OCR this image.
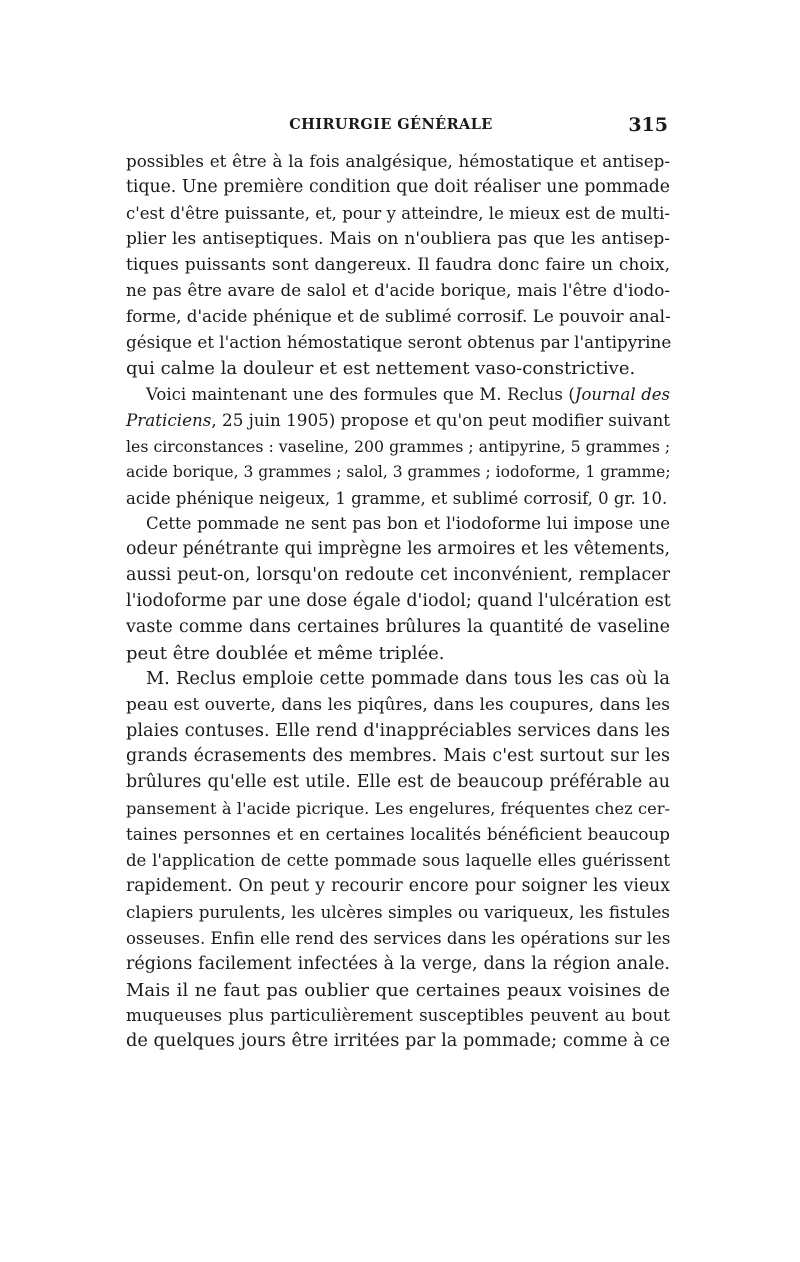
CHIRURGIE GÉNÉRALE	315
possibles et être à la fois analgésique, hémostatique et antisep-
tique. Une première condition que doit réaliser une pommade
c'est d'être puissante, et, pour y atteindre, le mieux est de multi-
plier les antiseptiques. Mais on n'oubliera pas que les antisep-
tiques puissants sont dangereux. Il faudra donc faire un choix,
ne pas être avare de salol et d'acide borique, mais l'être d'iodo-
forme, d'acide phénique et de sublimé corrosif. Le pouvoir anal-
gésique et l'action hémostatique seront obtenus par l'antipyrine
qui calme la douleur et est nettement vaso-constrictive.
Voici maintenant une des formules que M. Reclus (Journal des
Praticiens, 25 juin 1905) propose et qu'on peut modifier suivant
les circonstances : vaseline, 200 grammes ; antipyrine, 5 grammes ;
acide borique, 3 grammes ; salol, 3 grammes ; iodoforme, 1 gramme;
acide phénique neigeux, 1 gramme, et sublimé corrosif, 0 gr. 10.
Cette pommade ne sent pas bon et l'iodoforme lui impose une
odeur pénétrante qui imprègne les armoires et les vêtements,
aussi peut-on, lorsqu'on redoute cet inconvénient, remplacer
l'iodoforme par une dose égale d'iodol; quand l'ulcération est
vaste comme dans certaines brûlures la quantité de vaseline
peut être doublée et même triplée.
M. Reclus emploie cette pommade dans tous les cas où la
peau est ouverte, dans les piqûres, dans les coupures, dans les
plaies contuses. Elle rend d'inappréciables services dans les
grands écrasements des membres. Mais c'est surtout sur les
brûlures qu'elle est utile. Elle est de beaucoup préférable au
pansement à l'acide picrique. Les engelures, fréquentes chez cer-
taines personnes et en certaines localités bénéficient beaucoup
de l'application de cette pommade sous laquelle elles guérissent
rapidement. On peut y recourir encore pour soigner les vieux
clapiers purulents, les ulcères simples ou variqueux, les fistules
osseuses. Enfin elle rend des services dans les opérations sur les
régions facilement infectées à la verge, dans la région anale.
Mais il ne faut pas oublier que certaines peaux voisines de
muqueuses plus particulièrement susceptibles peuvent au bout
de quelques jours être irritées par la pommade; comme à ce
